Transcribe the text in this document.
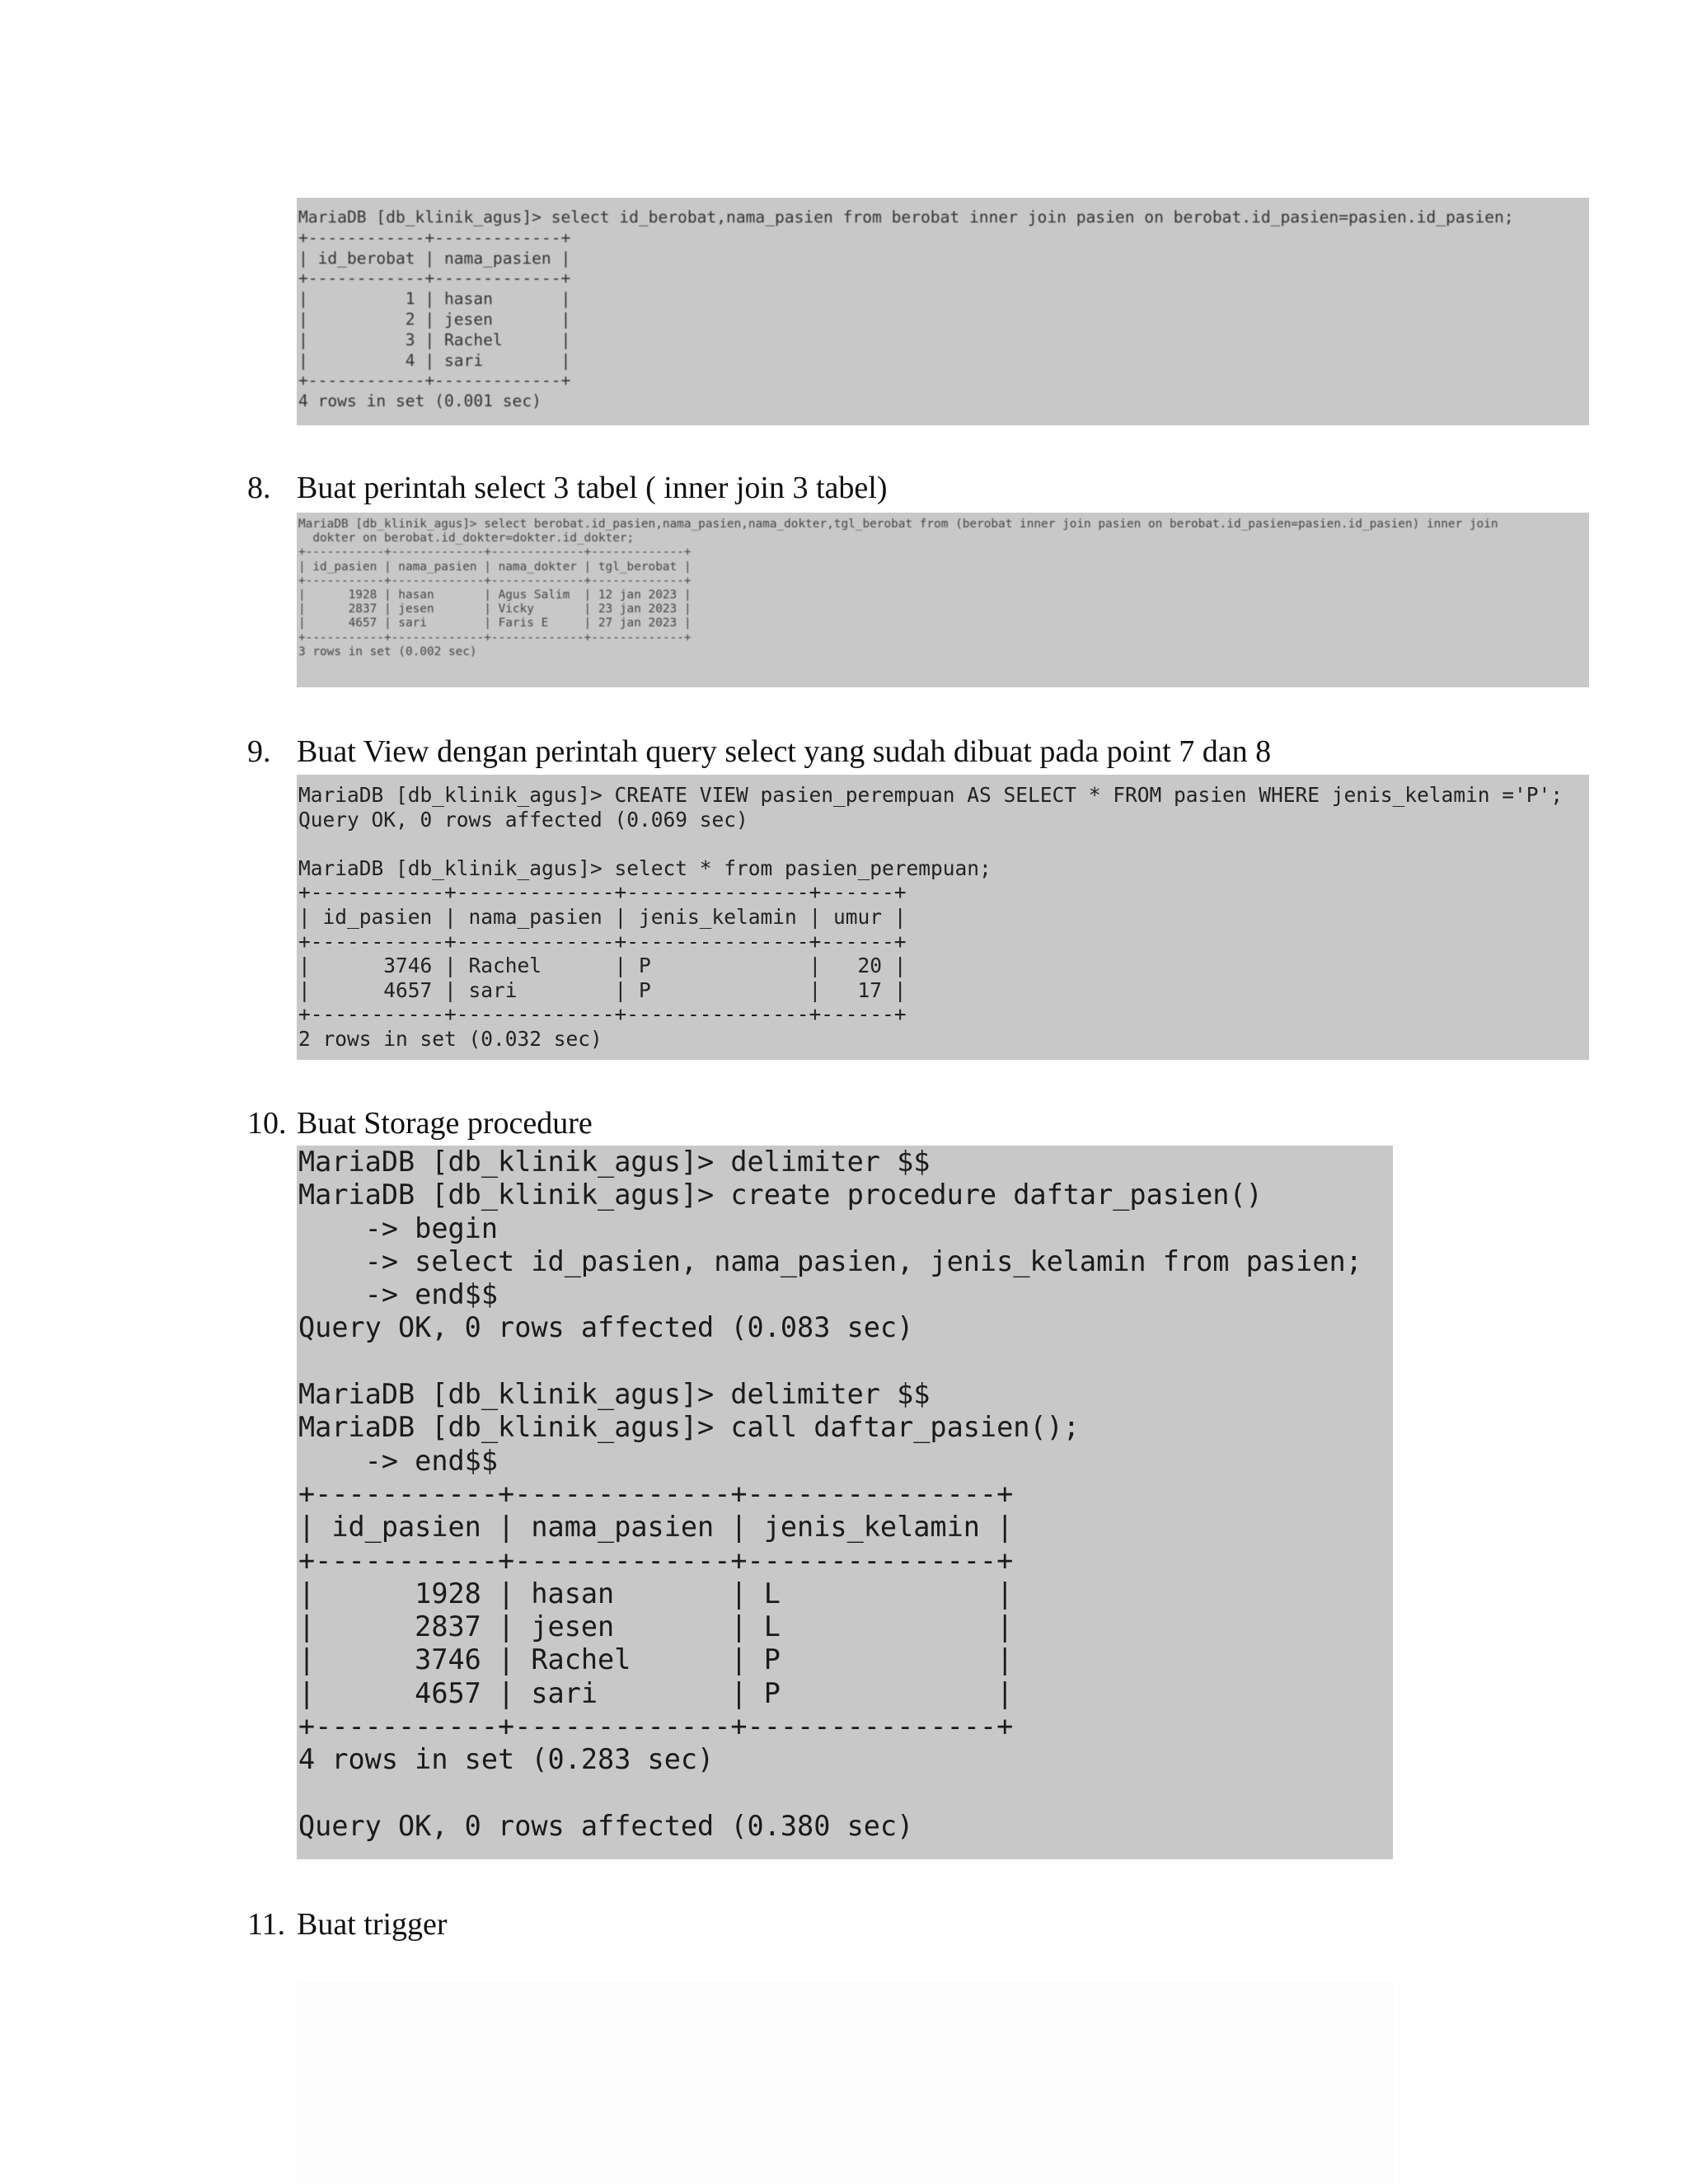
MariaDB [db_klinik_agus]> select id_berobat,nama_pasien from berobat inner join pasien on berobat.id_pasien=pasien.id_pasien;
+------------+-------------+
| id_berobat | nama_pasien |
+------------+-------------+
|          1 | hasan       |
|          2 | jesen       |
|          3 | Rachel      |
|          4 | sari        |
+------------+-------------+
4 rows in set (0.001 sec)
8. Buat perintah select 3 tabel ( inner join 3 tabel)
MariaDB [db_klinik_agus]> select berobat.id_pasien,nama_pasien,nama_dokter,tgl_berobat from (berobat inner join pasien on berobat.id_pasien=pasien.id_pasien) inner join
dokter on berobat.id_dokter=dokter.id_dokter;
+-----------+-------------+-------------+-------------+
| id_pasien | nama_pasien | nama_dokter | tgl_berobat |
+-----------+-------------+-------------+-------------+
|      1928 | hasan       | Agus Salim  | 12 jan 2023 |
|      2837 | jesen       | Vicky       | 23 jan 2023 |
|      4657 | sari        | Faris E     | 27 jan 2023 |
+-----------+-------------+-------------+-------------+
3 rows in set (0.002 sec)
9. Buat View dengan perintah query select yang sudah dibuat pada point 7 dan 8
MariaDB [db_klinik_agus]> CREATE VIEW pasien_perempuan AS SELECT * FROM pasien WHERE jenis_kelamin ='P';
Query OK, 0 rows affected (0.069 sec)

MariaDB [db_klinik_agus]> select * from pasien_perempuan;
+-----------+-------------+---------------+------+
| id_pasien | nama_pasien | jenis_kelamin | umur |
+-----------+-------------+---------------+------+
|      3746 | Rachel      | P             |   20 |
|      4657 | sari        | P             |   17 |
+-----------+-------------+---------------+------+
2 rows in set (0.032 sec)
10. Buat Storage procedure
MariaDB [db_klinik_agus]> delimiter $$
MariaDB [db_klinik_agus]> create procedure daftar_pasien()
-> begin
-> select id_pasien, nama_pasien, jenis_kelamin from pasien;
-> end$$
Query OK, 0 rows affected (0.083 sec)

MariaDB [db_klinik_agus]> delimiter $$
MariaDB [db_klinik_agus]> call daftar_pasien();
-> end$$
+-----------+-------------+---------------+
| id_pasien | nama_pasien | jenis_kelamin |
+-----------+-------------+---------------+
|      1928 | hasan       | L             |
|      2837 | jesen       | L             |
|      3746 | Rachel      | P             |
|      4657 | sari        | P             |
+-----------+-------------+---------------+
4 rows in set (0.283 sec)

Query OK, 0 rows affected (0.380 sec)
11. Buat trigger
